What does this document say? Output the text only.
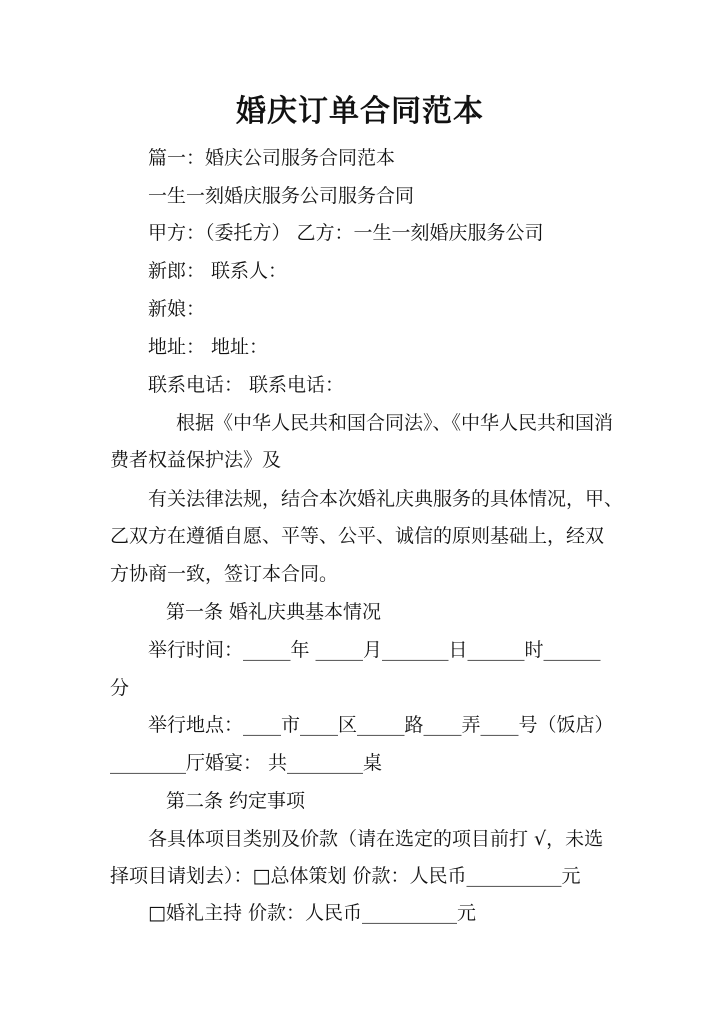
婚庆订单合同范本
篇一：婚庆公司服务合同范本
一生一刻婚庆服务公司服务合同
甲方：（委托方） 乙方：一生一刻婚庆服务公司
新郎： 联系人：
新娘：
地址： 地址：
联系电话： 联系电话：
根据《中华人民共和国合同法》、《中华人民共和国消
费者权益保护法》及
有关法律法规，结合本次婚礼庆典服务的具体情况，甲、
乙双方在遵循自愿、平等、公平、诚信的原则基础上，经双
方协商一致，签订本合同。
第一条 婚礼庆典基本情况
举行时间：_____年 _____月_______日______时______
分
举行地点：____市____区_____路____弄____号（饭店）
________厅婚宴： 共________桌
第二条 约定事项
各具体项目类别及价款（请在选定的项目前打 √，未选
择项目请划去）：□总体策划 价款：人民币__________元
□婚礼主持 价款：人民币__________元
